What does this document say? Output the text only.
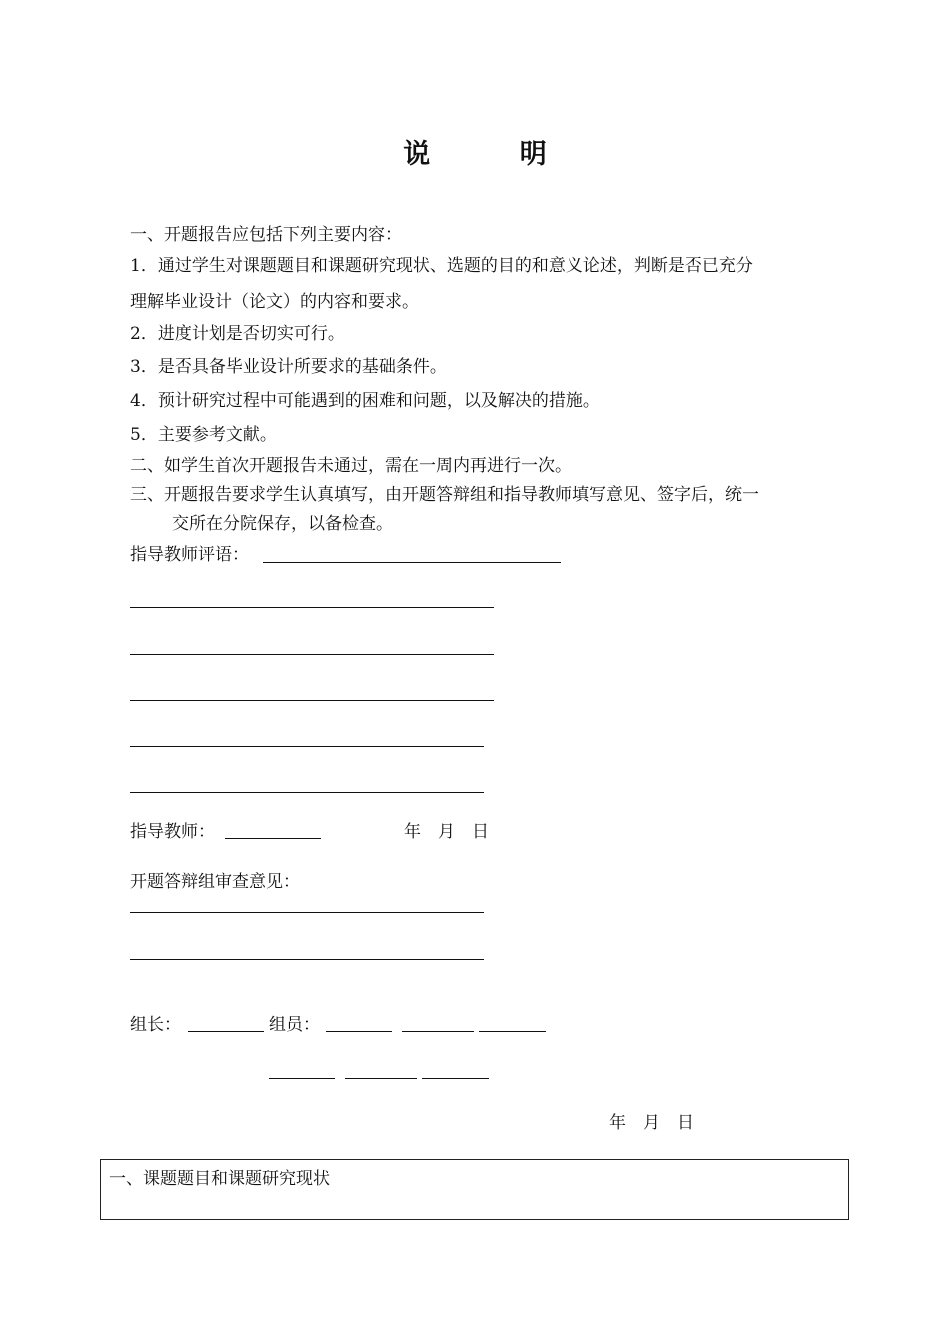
说 明
一、开题报告应包括下列主要内容：
1．通过学生对课题题目和课题研究现状、选题的目的和意义论述，判断是否已充分
理解毕业设计（论文）的内容和要求。
2．进度计划是否切实可行。
3．是否具备毕业设计所要求的基础条件。
4．预计研究过程中可能遇到的困难和问题，以及解决的措施。
5．主要参考文献。
二、如学生首次开题报告未通过，需在一周内再进行一次。
三、开题报告要求学生认真填写，由开题答辩组和指导教师填写意见、签字后，统一
交所在分院保存，以备检查。
指导教师评语：
指导教师：	年　月　日
开题答辩组审查意见：
组长：	组员：
年　月　日
一、课题题目和课题研究现状
